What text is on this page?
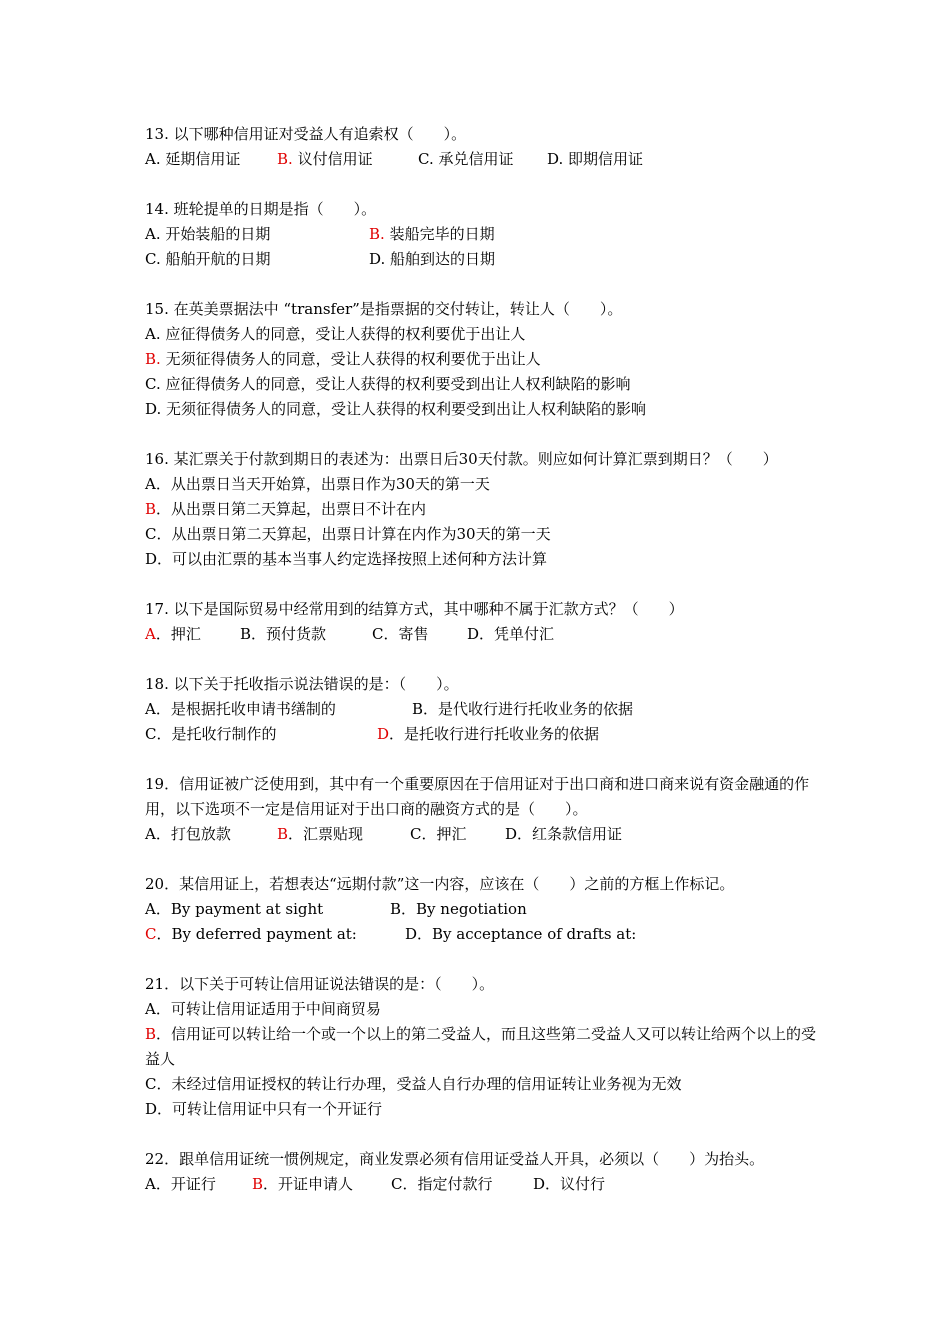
13. 以下哪种信用证对受益人有追索权（　　）。
A. 延期信用证 B. 议付信用证	C. 承兑信用证 D. 即期信用证
14. 班轮提单的日期是指（　　）。
A. 开始装船的日期	B. 装船完毕的日期
C. 船舶开航的日期	D. 船舶到达的日期
15. 在英美票据法中 “transfer”是指票据的交付转让，转让人（　　）。
A. 应征得债务人的同意，受让人获得的权利要优于出让人
B. 无须征得债务人的同意，受让人获得的权利要优于出让人
C. 应征得债务人的同意，受让人获得的权利要受到出让人权利缺陷的影响
D. 无须征得债务人的同意，受让人获得的权利要受到出让人权利缺陷的影响
16. 某汇票关于付款到期日的表述为：出票日后30天付款。则应如何计算汇票到期日？（　　）
A．从出票日当天开始算，出票日作为30天的第一天
B．从出票日第二天算起，出票日不计在内
C．从出票日第二天算起，出票日计算在内作为30天的第一天
D．可以由汇票的基本当事人约定选择按照上述何种方法计算
17. 以下是国际贸易中经常用到的结算方式，其中哪种不属于汇款方式？（　　）
A．押汇	B．预付货款	C．寄售	D．凭单付汇
18. 以下关于托收指示说法错误的是：（　　）。
A．是根据托收申请书缮制的	B．是代收行进行托收业务的依据
C．是托收行制作的	D．是托收行进行托收业务的依据
19．信用证被广泛使用到，其中有一个重要原因在于信用证对于出口商和进口商来说有资金融通的作用，以下选项不一定是信用证对于出口商的融资方式的是（　　）。
A．打包放款	B．汇票贴现	C．押汇	D．红条款信用证
20．某信用证上，若想表达“远期付款”这一内容，应该在（　　）之前的方框上作标记。
A．By payment at sight	B．By negotiation
C．By deferred payment at:	D．By acceptance of drafts at:
21．以下关于可转让信用证说法错误的是：（　　）。
A．可转让信用证适用于中间商贸易
B．信用证可以转让给一个或一个以上的第二受益人，而且这些第二受益人又可以转让给两个以上的受益人
C．未经过信用证授权的转让行办理，受益人自行办理的信用证转让业务视为无效
D．可转让信用证中只有一个开证行
22．跟单信用证统一惯例规定，商业发票必须有信用证受益人开具，必须以（　　）为抬头。
A．开证行 B．开证申请人	C．指定付款行	D．议付行
